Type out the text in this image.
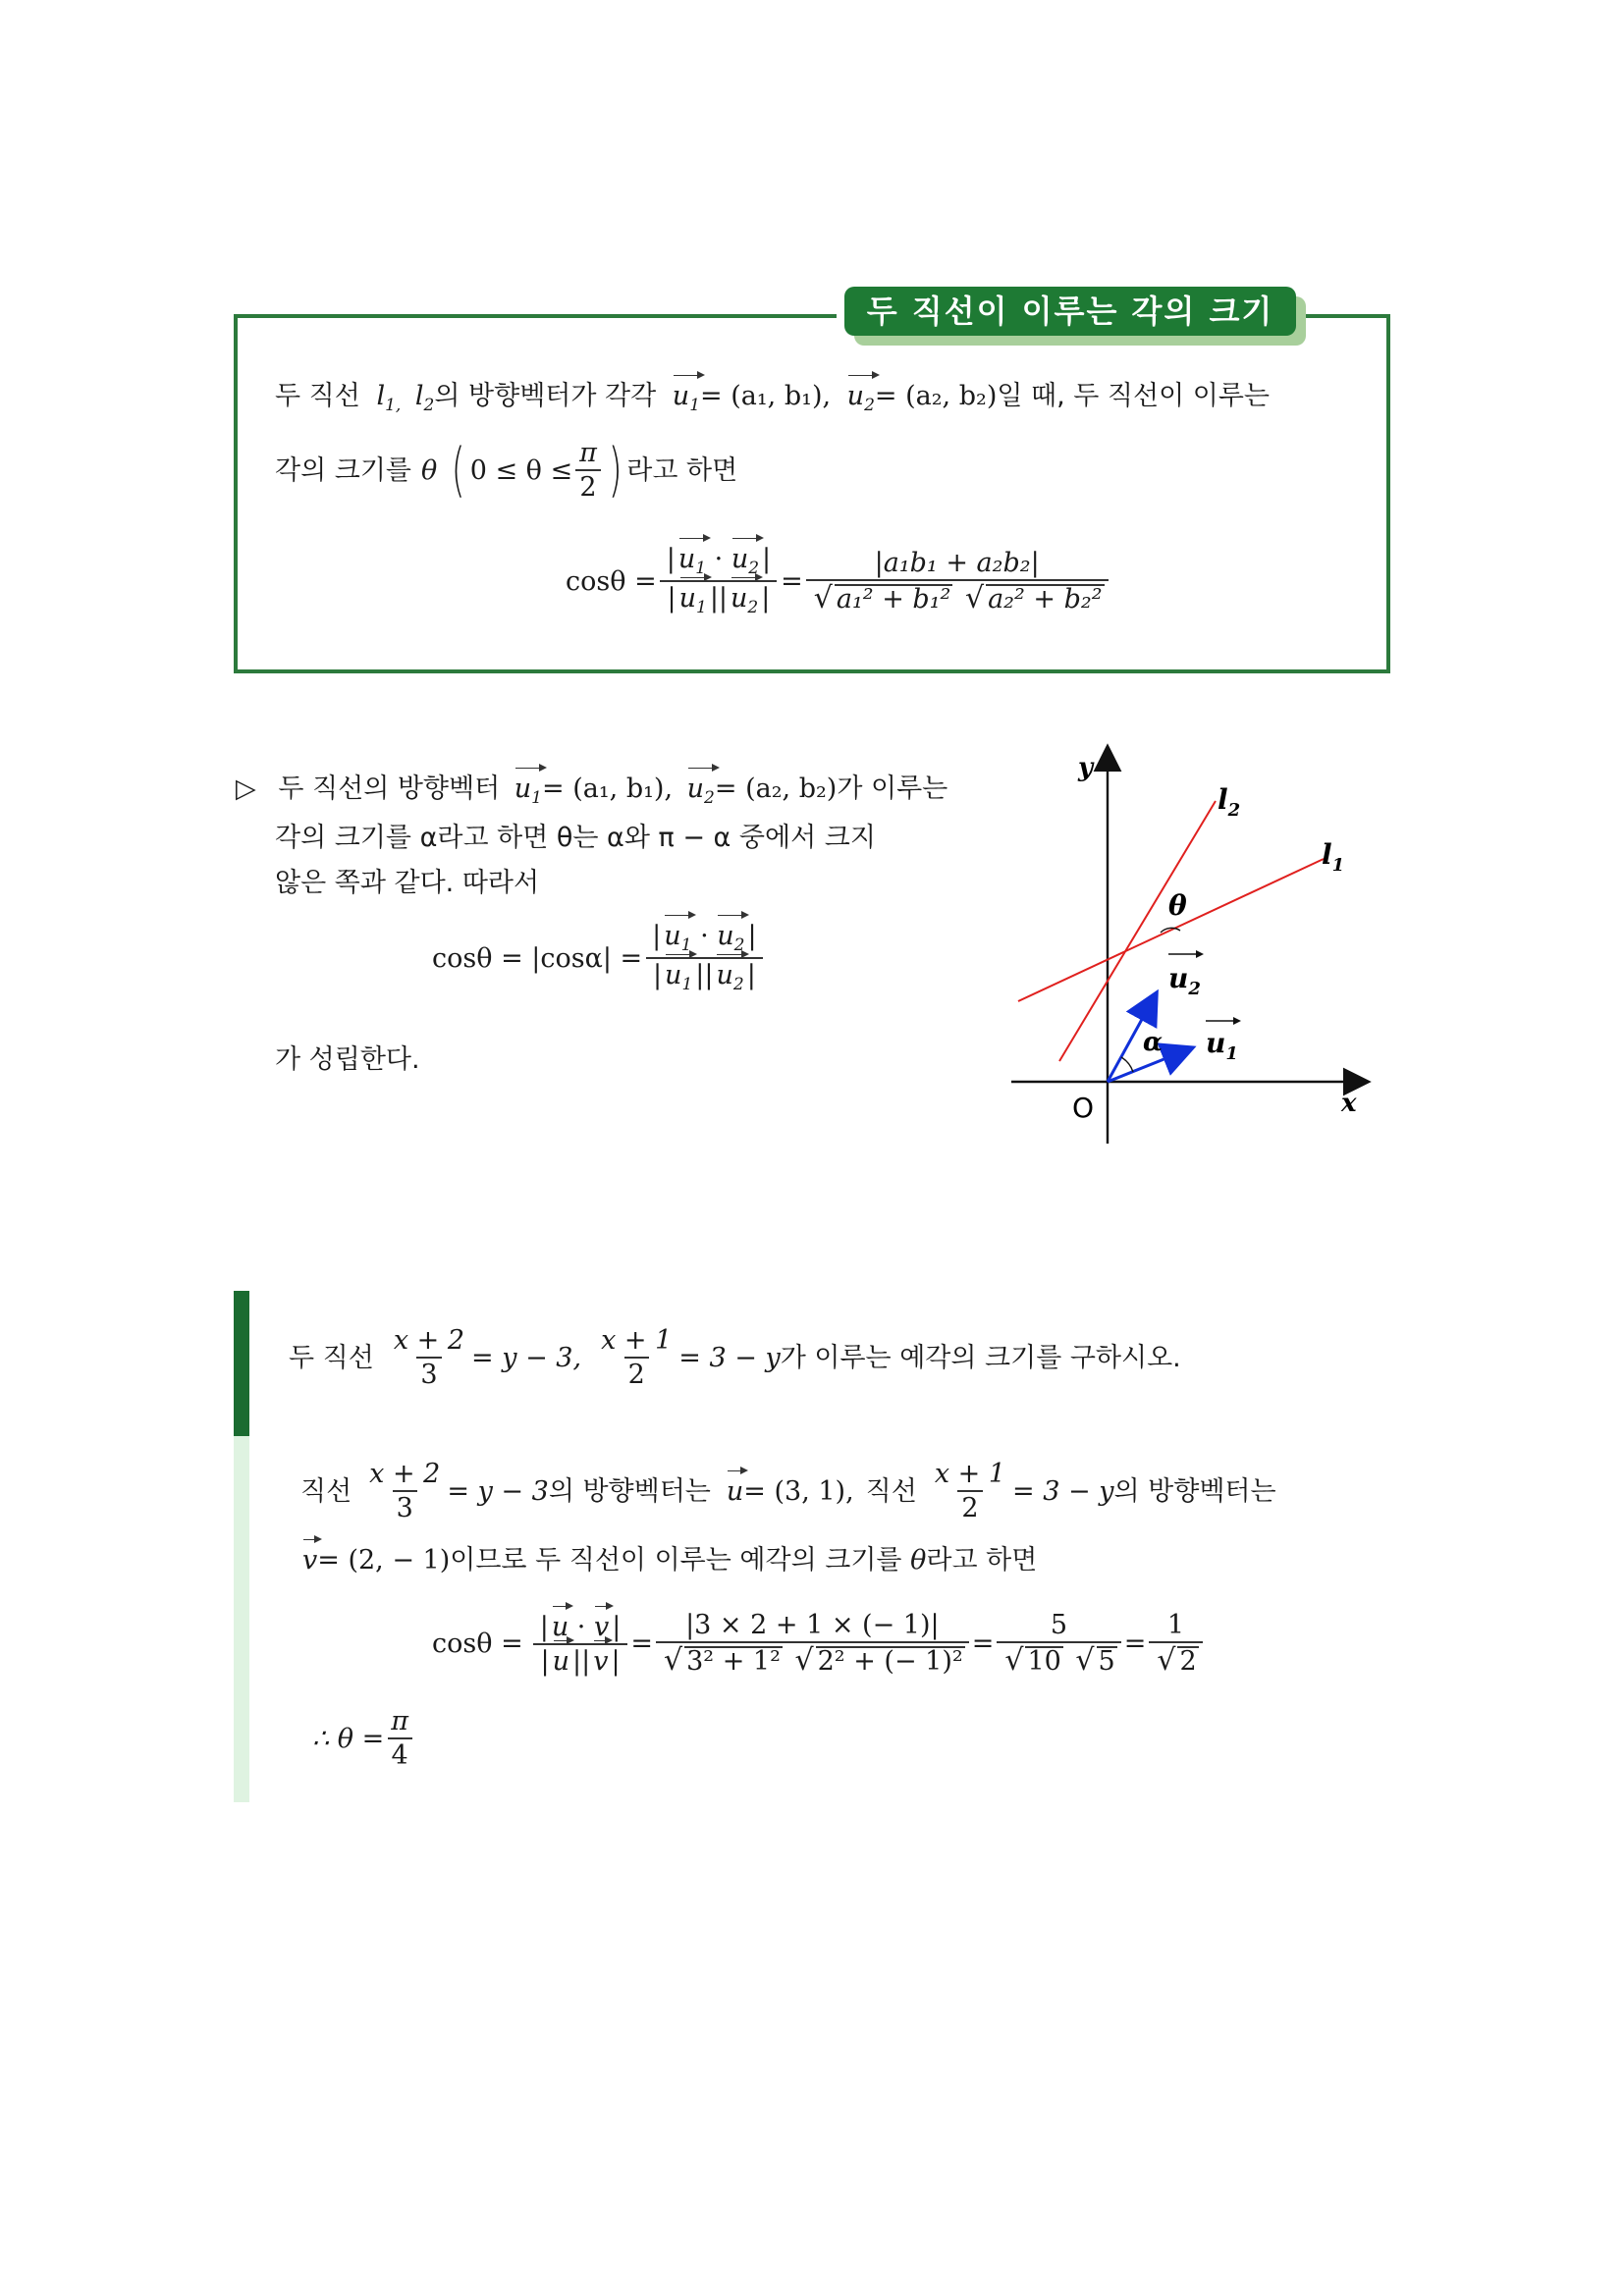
두 직선이 이루는 각의 크기
두 직선 $l_{1,}$ $l_2$의 방향벡터가 각각 $u_1= (a_1$, b₁), $u_2= (a_2$, b₂)일 때, 두 직선이 이루는
각의 크기를 θ ( $0 \le \theta \le \frac{\pi}{2}$ ) 라고 하면
$\cos\theta = \frac{| u_1 \cdot u_2 |}{| u_1 || u_2 |} = \frac{\text{|a₁b₁ + a₂b₂|}}{\text{√ a₁² + b₁² √ a₂² + b₂²}}$
▷ 두 직선의 방향벡터 $u_1= (a_1$, b₁), $u_2= (a_2$, b₂)가 이루는
각의 크기를 α라고 하면 θ는 α와 π − α 중에서 크지
않은 쪽과 같다. 따라서
$\cos\theta = |\cos\alpha| = \frac{| u_1 \cdot u_2 |}{| u_1 || u_2 |}$
가 성립한다.
y
x
O
$l_2$
$l_1$
θ
α
$u_2$
$u_1$
두 직선 $\frac{x + 2}{3} = y - 3$, $\frac{x + 1}{2} = 3 - y$ 가 이루는 예각의 크기를 구하시오.
직선 $\frac{x + 2}{3} = y - 3$ 의 방향벡터는 u = (3, 1), 직선 $\frac{x + 1}{2} = 3 - y$ 의 방향벡터는
v= (2, − 1)이므로 두 직선이 이루는 예각의 크기를 θ라고 하면
$\cos\theta = \frac{| u \cdot v |}{| u || v |} = \frac{|3 \times 2 + 1 \times (- 1)|}{\text{√ 3² + 1² √ 2² + (− 1)²}} = \frac{5}{√ 10 √ 5} = \frac{1}{√ 2}$
∴ $\theta = \frac{\pi}{4}$
